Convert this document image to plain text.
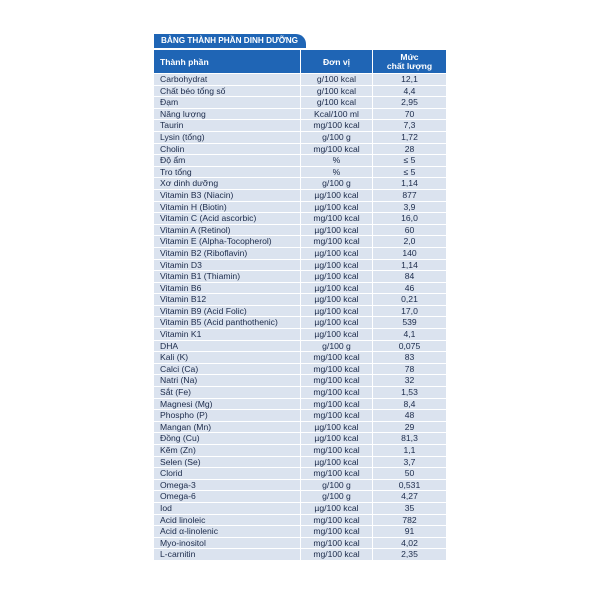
BẢNG THÀNH PHẦN DINH DƯỠNG
Thành phần	Đơn vị	Mức
chất lượng
Carbohydrat	g/100 kcal	12,1
Chất béo tổng số	g/100 kcal	4,4
Đạm	g/100 kcal	2,95
Năng lượng	Kcal/100 ml	70
Taurin	mg/100 kcal	7,3
Lysin (tổng)	g/100 g	1,72
Cholin	mg/100 kcal	28
Độ ẩm	%	≤ 5
Tro tổng	%	≤ 5
Xơ dinh dưỡng	g/100 g	1,14
Vitamin B3 (Niacin)	µg/100 kcal	877
Vitamin H (Biotin)	µg/100 kcal	3,9
Vitamin C (Acid ascorbic)	mg/100 kcal	16,0
Vitamin A (Retinol)	µg/100 kcal	60
Vitamin E (Alpha-Tocopherol)	mg/100 kcal	2,0
Vitamin B2 (Riboflavin)	µg/100 kcal	140
Vitamin D3	µg/100 kcal	1,14
Vitamin B1 (Thiamin)	µg/100 kcal	84
Vitamin B6	µg/100 kcal	46
Vitamin B12	µg/100 kcal	0,21
Vitamin B9 (Acid Folic)	µg/100 kcal	17,0
Vitamin B5 (Acid panthothenic)	µg/100 kcal	539
Vitamin K1	µg/100 kcal	4,1
DHA	g/100 g	0,075
Kali (K)	mg/100 kcal	83
Calci (Ca)	mg/100 kcal	78
Natri (Na)	mg/100 kcal	32
Sắt (Fe)	mg/100 kcal	1,53
Magnesi (Mg)	mg/100 kcal	8,4
Phospho (P)	mg/100 kcal	48
Mangan (Mn)	µg/100 kcal	29
Đồng (Cu)	µg/100 kcal	81,3
Kẽm (Zn)	mg/100 kcal	1,1
Selen (Se)	µg/100 kcal	3,7
Clorid	mg/100 kcal	50
Omega-3	g/100 g	0,531
Omega-6	g/100 g	4,27
Iod	µg/100 kcal	35
Acid linoleic	mg/100 kcal	782
Acid α-linolenic	mg/100 kcal	91
Myo-inositol	mg/100 kcal	4,02
L-carnitin	mg/100 kcal	2,35
